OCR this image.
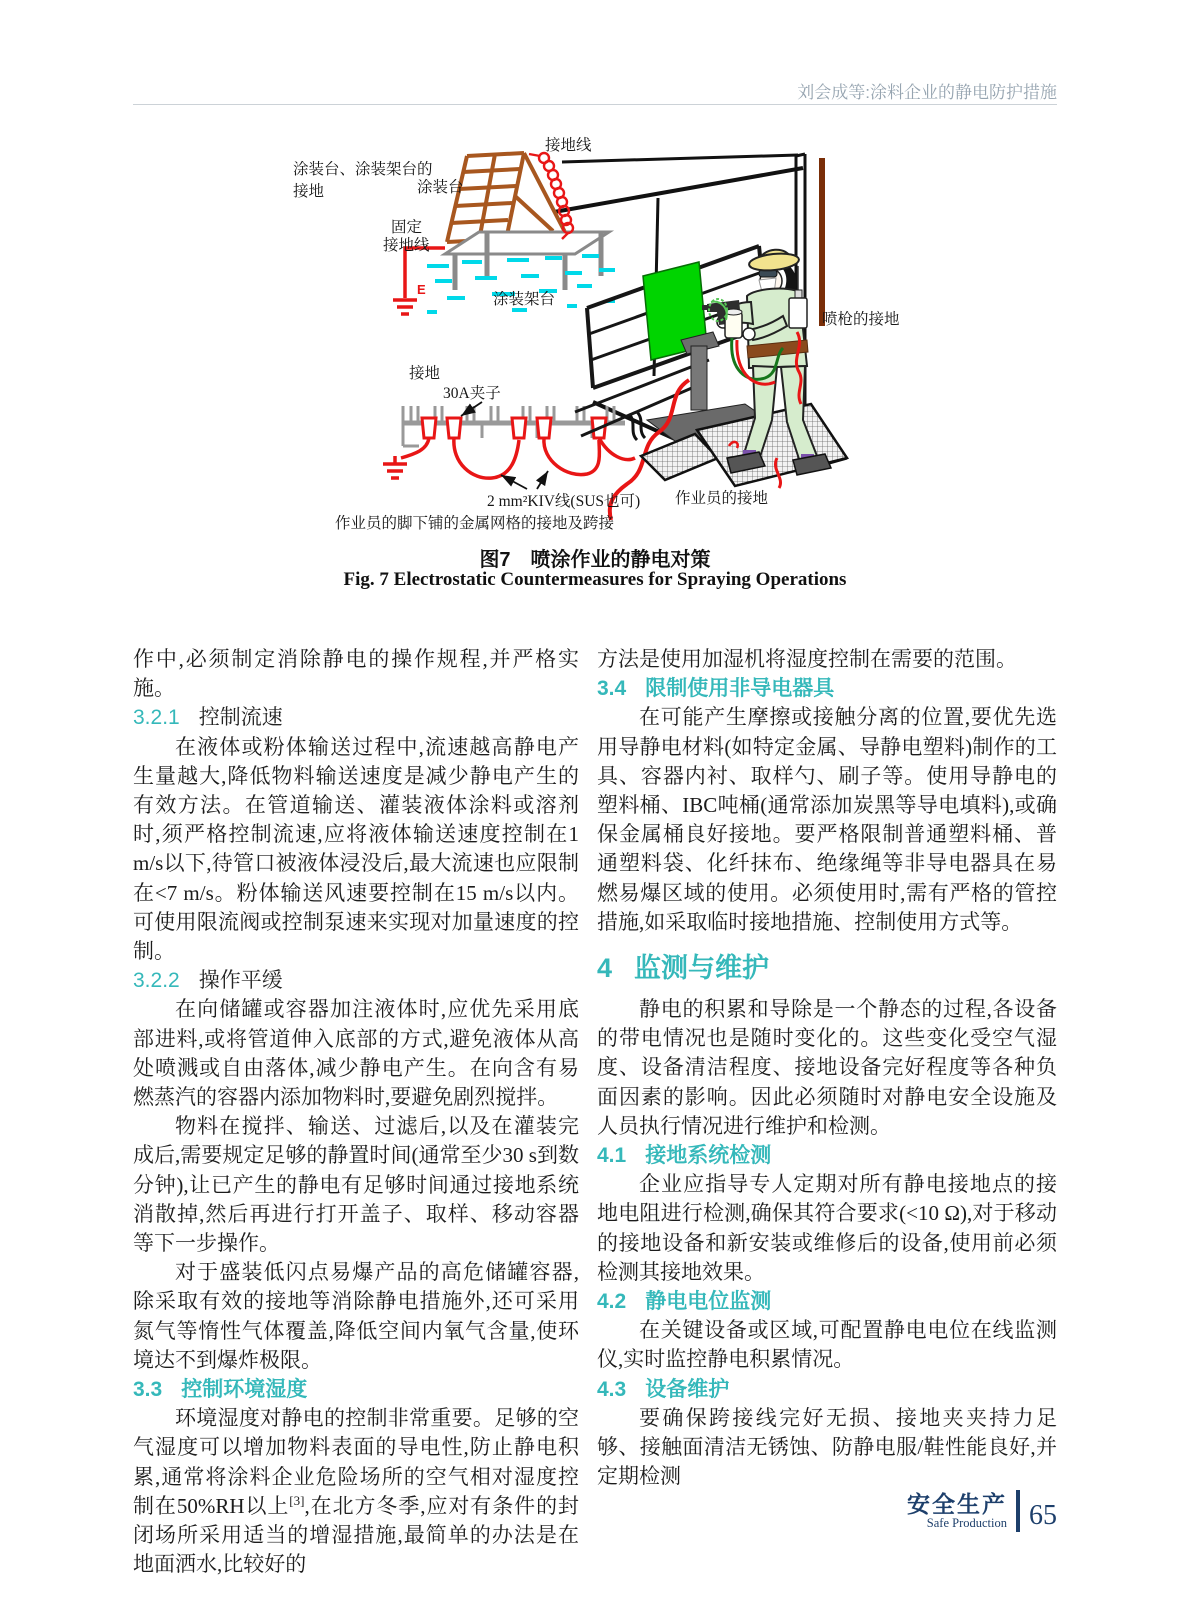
刘会成等:涂料企业的静电防护措施
涂装台、涂装架台的
接地	涂装台
接地线
固定
接地线
涂装架台
接地
30A夹子
2 mm²KIV线(SUS也可)
作业员的脚下铺的金属网格的接地及跨接
作业员的接地
喷枪的接地
E
图7　喷涂作业的静电对策
Fig. 7 Electrostatic Countermeasures for Spraying Operations

作中,必须制定消除静电的操作规程,并严格实施。

3.2.1 控制流速

在液体或粉体输送过程中,流速越高静电产生量越大,降低物料输送速度是减少静电产生的有效方法。在管道输送、灌装液体涂料或溶剂时,须严格控制流速,应将液体输送速度控制在1 m/s以下,待管口被液体浸没后,最大流速也应限制在<7 m/s。粉体输送风速要控制在15 m/s以内。可使用限流阀或控制泵速来实现对加量速度的控制。

3.2.2 操作平缓

在向储罐或容器加注液体时,应优先采用底部进料,或将管道伸入底部的方式,避免液体从高处喷溅或自由落体,减少静电产生。在向含有易燃蒸汽的容器内添加物料时,要避免剧烈搅拌。

物料在搅拌、输送、过滤后,以及在灌装完成后,需要规定足够的静置时间(通常至少30 s到数分钟),让已产生的静电有足够时间通过接地系统消散掉,然后再进行打开盖子、取样、移动容器等下一步操作。

对于盛装低闪点易爆产品的高危储罐容器,除采取有效的接地等消除静电措施外,还可采用氮气等惰性气体覆盖,降低空间内氧气含量,使环境达不到爆炸极限。

3.3 控制环境湿度

环境湿度对静电的控制非常重要。足够的空气湿度可以增加物料表面的导电性,防止静电积累,通常将涂料企业危险场所的空气相对湿度控制在50%RH以上[3],在北方冬季,应对有条件的封闭场所采用适当的增湿措施,最简单的办法是在地面洒水,比较好的

方法是使用加湿机将湿度控制在需要的范围。

3.4 限制使用非导电器具

在可能产生摩擦或接触分离的位置,要优先选用导静电材料(如特定金属、导静电塑料)制作的工具、容器内衬、取样勺、刷子等。使用导静电的塑料桶、IBC吨桶(通常添加炭黑等导电填料),或确保金属桶良好接地。要严格限制普通塑料桶、普通塑料袋、化纤抹布、绝缘绳等非导电器具在易燃易爆区域的使用。必须使用时,需有严格的管控措施,如采取临时接地措施、控制使用方式等。

4 监测与维护

静电的积累和导除是一个静态的过程,各设备的带电情况也是随时变化的。这些变化受空气湿度、设备清洁程度、接地设备完好程度等各种负面因素的影响。因此必须随时对静电安全设施及人员执行情况进行维护和检测。

4.1 接地系统检测

企业应指导专人定期对所有静电接地点的接地电阻进行检测,确保其符合要求(<10 Ω),对于移动的接地设备和新安装或维修后的设备,使用前必须检测其接地效果。

4.2 静电电位监测

在关键设备或区域,可配置静电电位在线监测仪,实时监控静电积累情况。

4.3 设备维护

要确保跨接线完好无损、接地夹夹持力足够、接触面清洁无锈蚀、防静电服/鞋性能良好,并定期检测

安全生产
Safe Production 65
